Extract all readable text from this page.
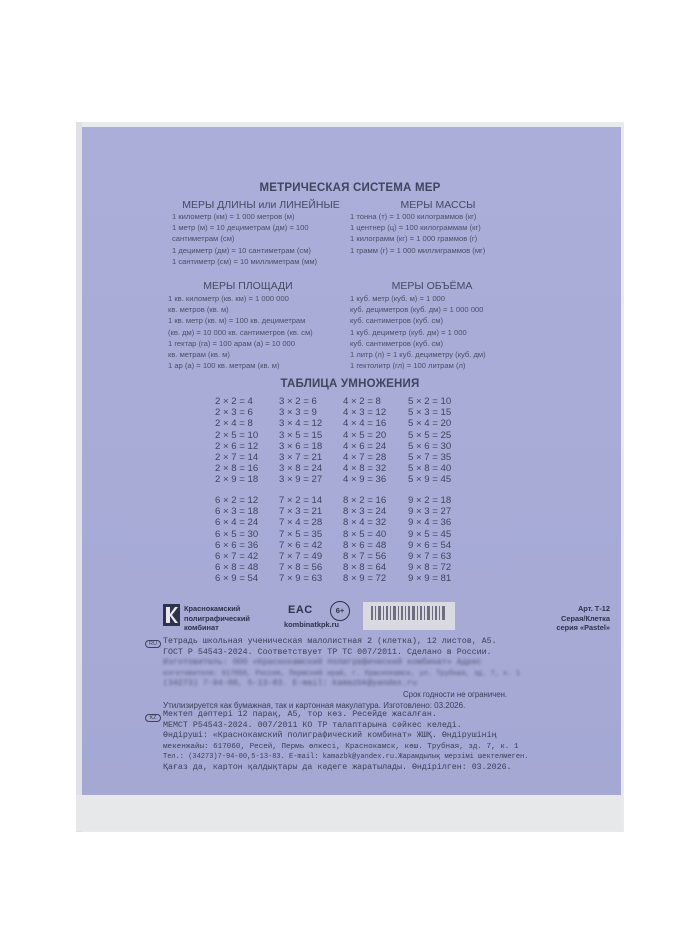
МЕТРИЧЕСКАЯ СИСТЕМА МЕР
МЕРЫ ДЛИНЫ или ЛИНЕЙНЫЕ
1 километр (км) = 1 000 метров (м)
1 метр (м) = 10 дециметрам (дм) = 100
сантиметрам (см)
1 дециметр (дм) = 10 сантиметрам (см)
1 сантиметр (см) = 10 миллиметрам (мм)
МЕРЫ МАССЫ
1 тонна (т) = 1 000 килограммов (кг)
1 центнер (ц) = 100 килограммам (кг)
1 килограмм (кг) = 1 000 граммов (г)
1 грамм (г) = 1 000 миллиграммов (мг)
МЕРЫ ПЛОЩАДИ
1 кв. километр (кв. км) = 1 000 000
кв. метров (кв. м)
1 кв. метр (кв. м) = 100 кв. дециметрам
(кв. дм) = 10 000 кв. сантиметров (кв. см)
1 гектар (га) = 100 арам (а) = 10 000
кв. метрам (кв. м)
1 ар (а) = 100 кв. метрам (кв. м)
МЕРЫ ОБЪЁМА
1 куб. метр (куб. м) = 1 000
куб. дециметров (куб. дм) = 1 000 000
куб. сантиметров (куб. см)
1 куб. дециметр (куб. дм) = 1 000
куб. сантиметров (куб. см)
1 литр (л) = 1 куб. дециметру (куб. дм)
1 гектолитр (гл) = 100 литрам (л)
ТАБЛИЦА УМНОЖЕНИЯ
2 × 2 = 4
2 × 3 = 6
2 × 4 = 8
2 × 5 = 10
2 × 6 = 12
2 × 7 = 14
2 × 8 = 16
2 × 9 = 18
3 × 2 = 6
3 × 3 = 9
3 × 4 = 12
3 × 5 = 15
3 × 6 = 18
3 × 7 = 21
3 × 8 = 24
3 × 9 = 27
4 × 2 = 8
4 × 3 = 12
4 × 4 = 16
4 × 5 = 20
4 × 6 = 24
4 × 7 = 28
4 × 8 = 32
4 × 9 = 36
5 × 2 = 10
5 × 3 = 15
5 × 4 = 20
5 × 5 = 25
5 × 6 = 30
5 × 7 = 35
5 × 8 = 40
5 × 9 = 45
6 × 2 = 12
6 × 3 = 18
6 × 4 = 24
6 × 5 = 30
6 × 6 = 36
6 × 7 = 42
6 × 8 = 48
6 × 9 = 54
7 × 2 = 14
7 × 3 = 21
7 × 4 = 28
7 × 5 = 35
7 × 6 = 42
7 × 7 = 49
7 × 8 = 56
7 × 9 = 63
8 × 2 = 16
8 × 3 = 24
8 × 4 = 32
8 × 5 = 40
8 × 6 = 48
8 × 7 = 56
8 × 8 = 64
8 × 9 = 72
9 × 2 = 18
9 × 3 = 27
9 × 4 = 36
9 × 5 = 45
9 × 6 = 54
9 × 7 = 63
9 × 8 = 72
9 × 9 = 81
Краснокамский
полиграфический
комбинат
EAC
kombinatkpk.ru
6+	Арт. Т-12
Серая/Клетка
серия «Pastel»
RU Тетрадь школьная ученическая малолистная 2 (клетка), 12 листов, А5.
ГОСТ Р 54543-2024. Соответствует ТР ТС 007/2011. Сделано в России.
Изготовитель: ООО «Краснокамский полиграфический комбинат» Адрес
изготовителя: 617060, Россия, Пермский край, г. Краснокамск, ул. Трубная, зд. 7, к. 1
(34273) 7-94-00, 5-13-83. E-mail: kamazbk@yandex.ru
Срок годности не ограничен.
Утилизируется как бумажная, так и картонная макулатура. Изготовлено: 03.2026.
KZ Мектеп дәптері 12 парақ, А5, тор көз. Ресейде жасалған.
МЕМСТ Р54543-2024. 007/2011 КО ТР талаптарына сәйкес келеді.
Өндіруші: «Краснокамский полиграфический комбинат» ЖШҚ. Өндірушінің
мекенжайы: 617060, Ресей, Пермь өлкесі, Краснокамск, көш. Трубная, зд. 7, к. 1
Тел.: (34273)7-94-00,5-13-83. E-mail: kamazbk@yandex.ru.Жарамдылық мерзімі шектелмеген.
Қағаз да, картон қалдықтары да кәдеге жаратылады. Өндірілген: 03.2026.
